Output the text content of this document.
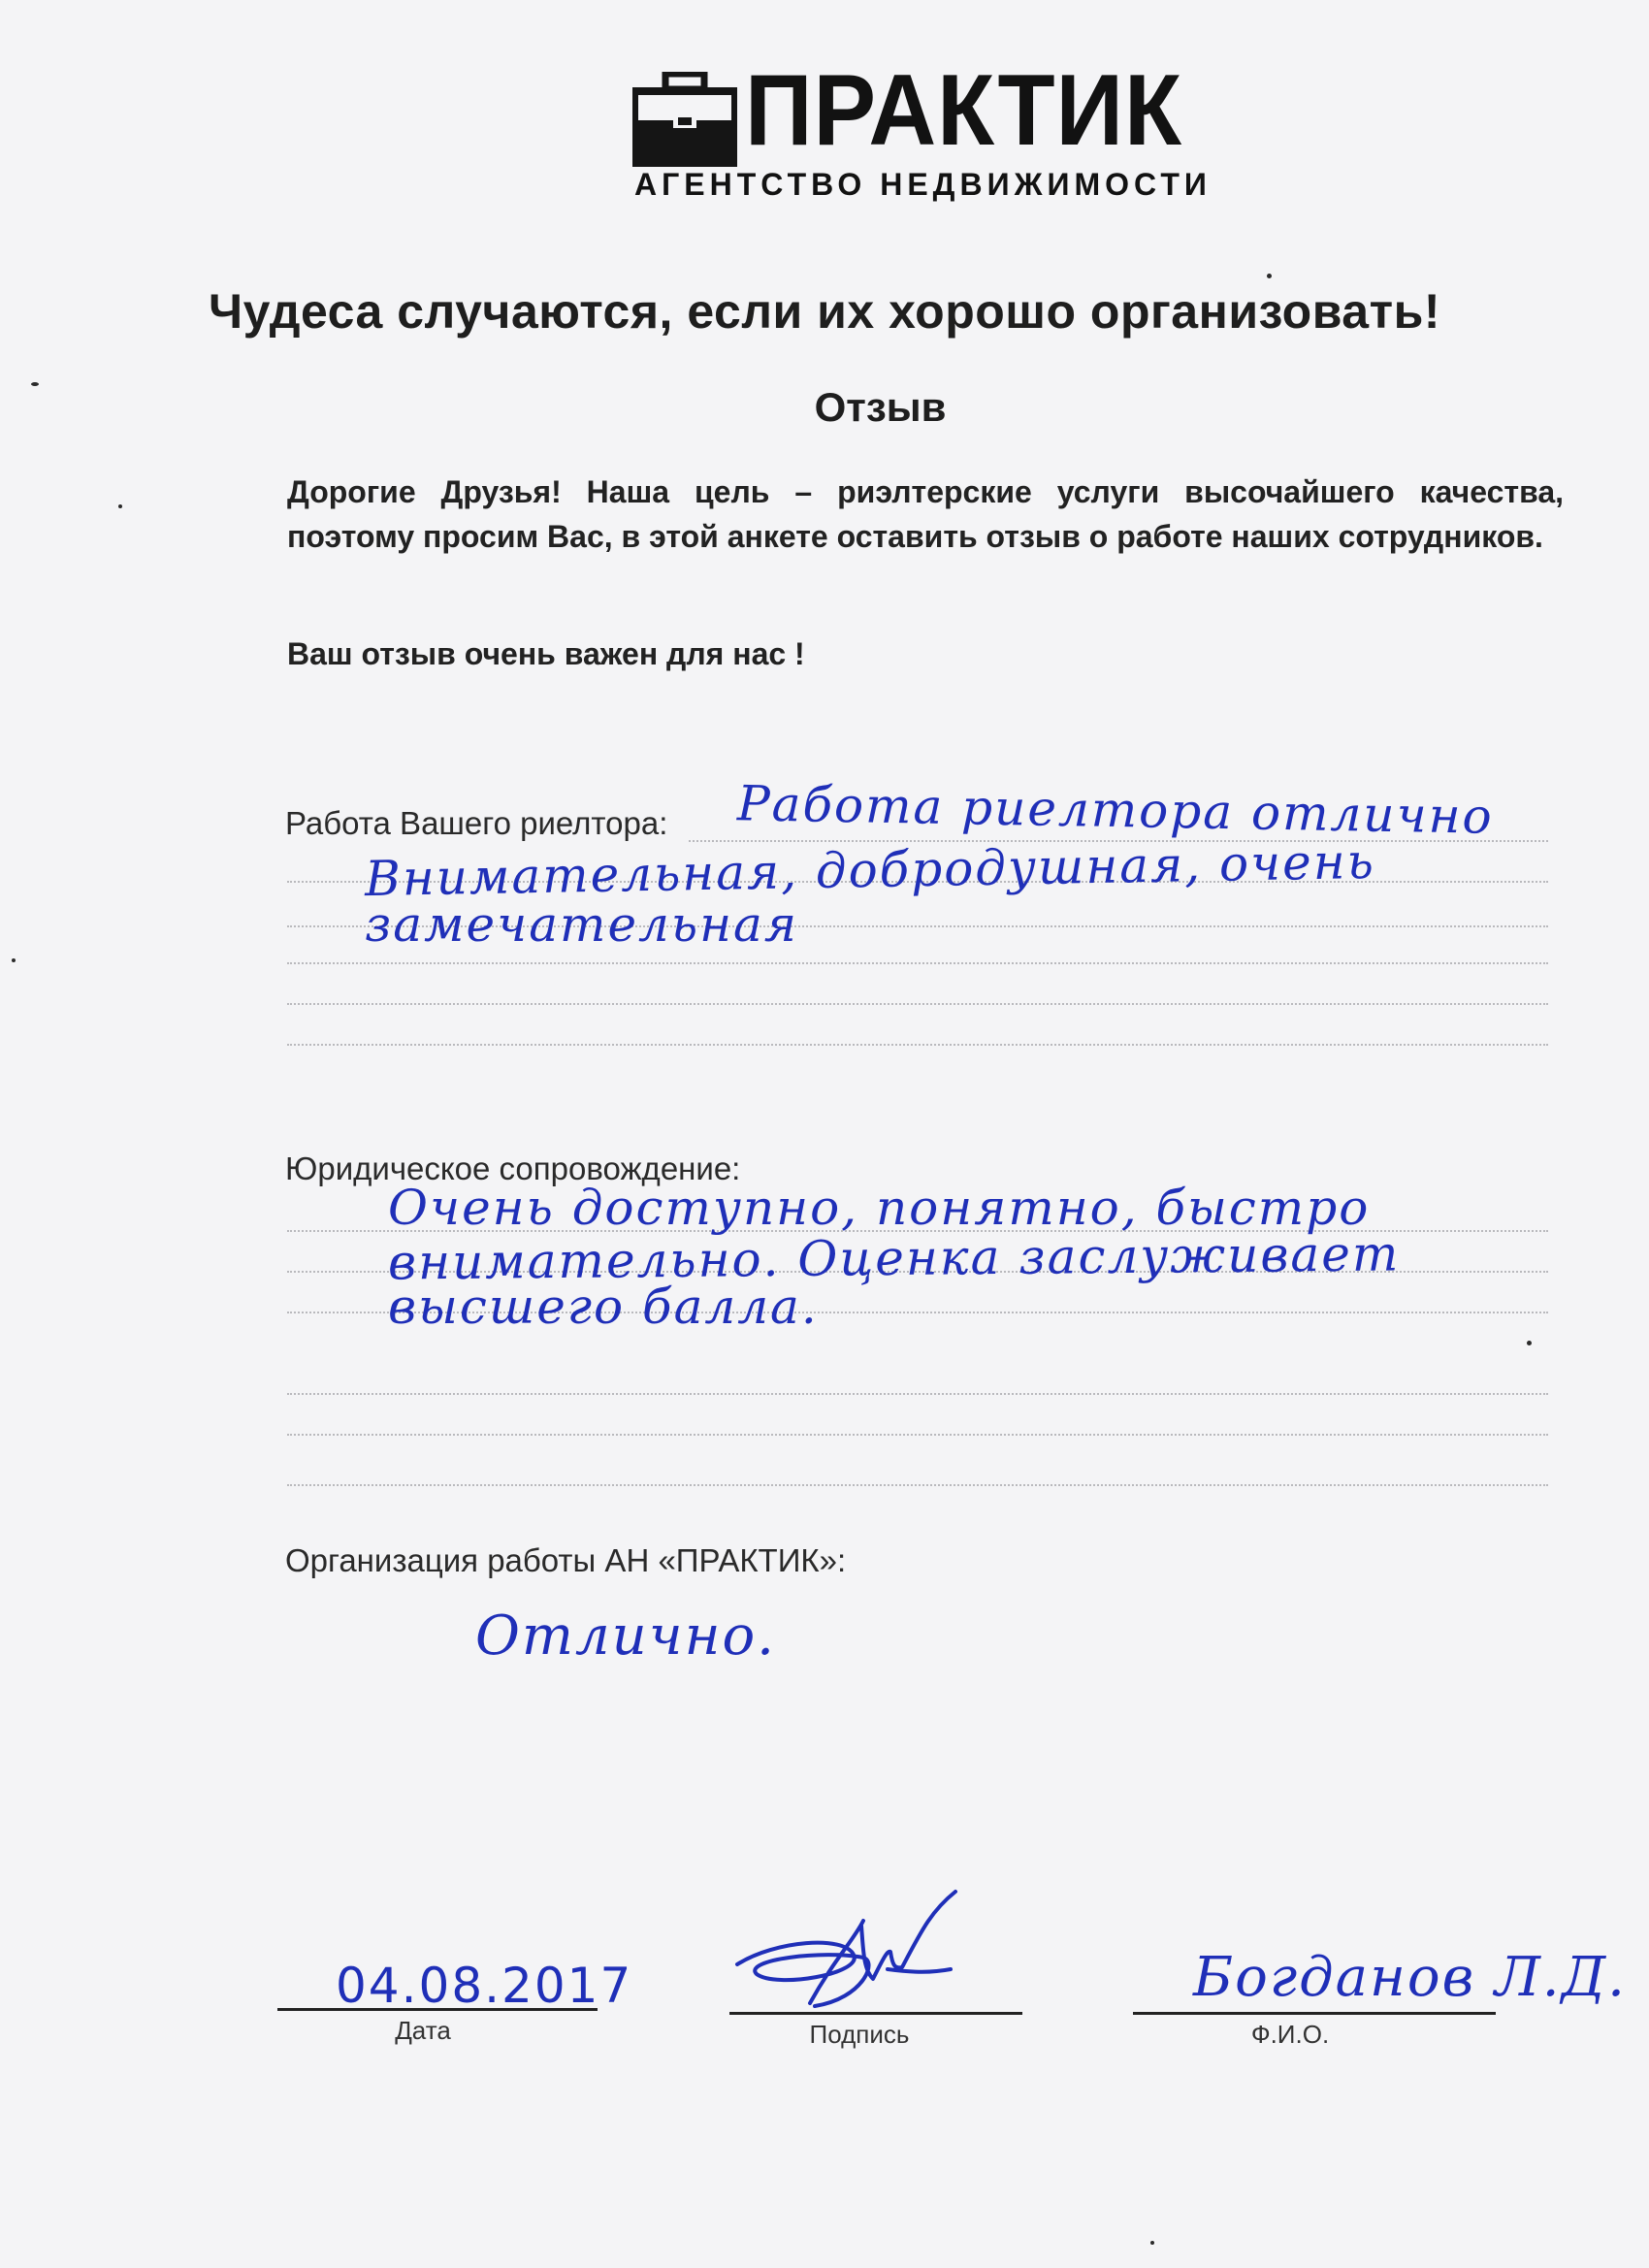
ПРАКТИК
АГЕНТСТВО НЕДВИЖИМОСТИ
Чудеса случаются, если их хорошо организовать!
Отзыв
Дорогие Друзья! Наша цель – риэлтерские услуги высочайшего качества, поэтому просим Вас, в этой анкете оставить отзыв о работе наших сотрудников.
Ваш отзыв очень важен для нас !
Работа Вашего риелтора: Работа риелтора отлично
Внимательная, добродушная, очень
замечательная
Юридическое сопровождение:
Очень доступно, понятно, быстро
внимательно. Оценка заслуживает
высшего балла.
Организация работы АН «ПРАКТИК»:
Отлично.
04.08.2017
Дата	Подпись
Богданов Л.Д.
Ф.И.О.
